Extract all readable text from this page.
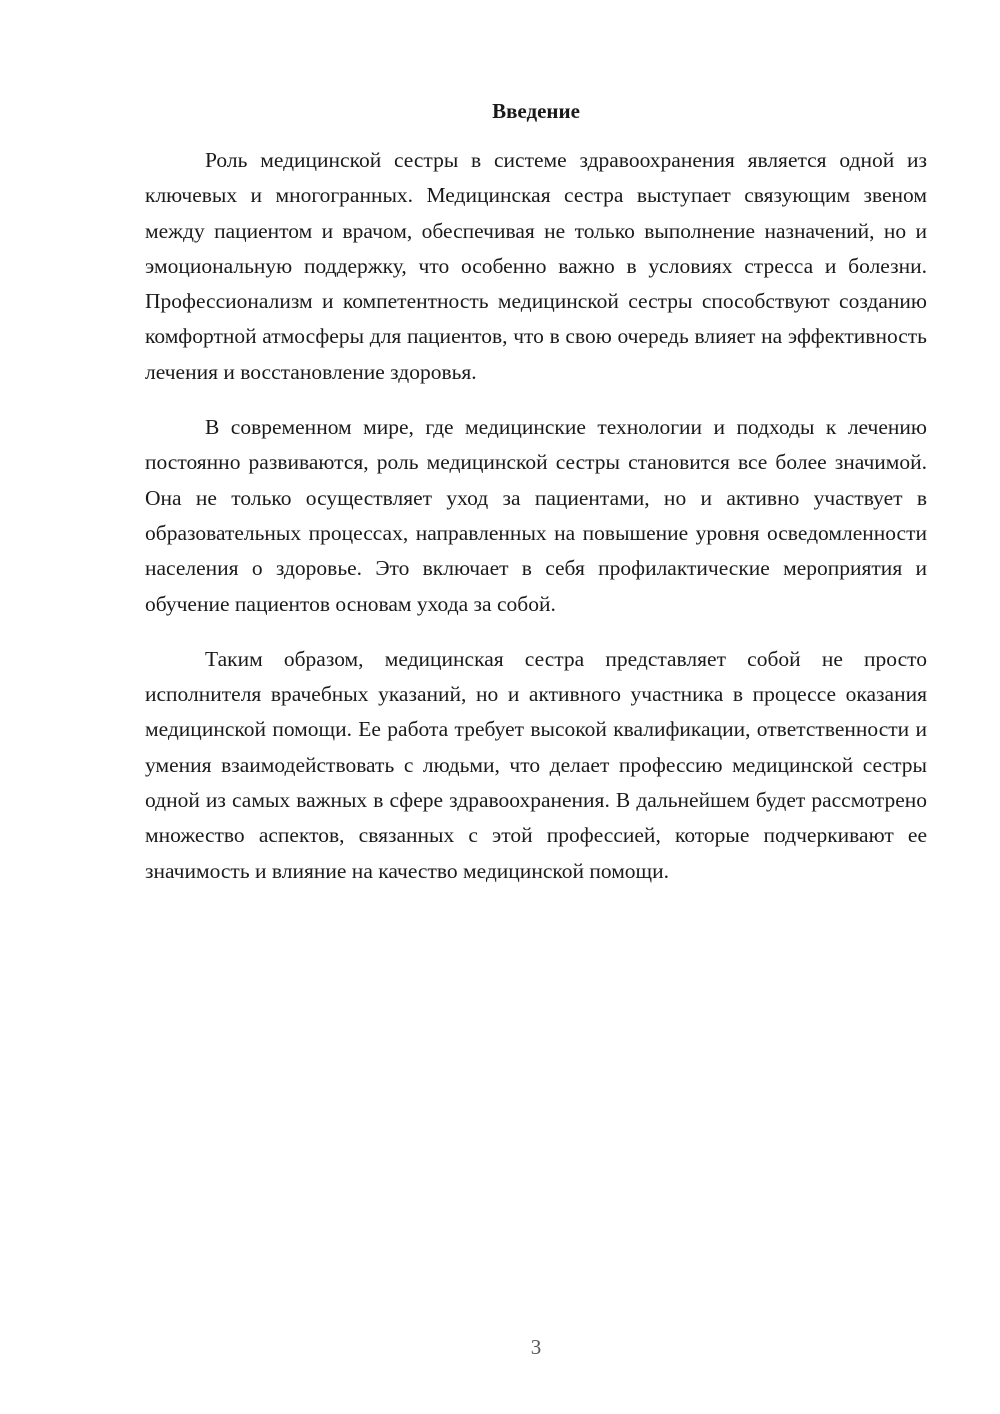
Введение

Роль медицинской сестры в системе здравоохранения является одной из ключевых и многогранных. Медицинская сестра выступает связующим звеном между пациентом и врачом, обеспечивая не только выполнение назначений, но и эмоциональную поддержку, что особенно важно в условиях стресса и болезни. Профессионализм и компетентность медицинской сестры способствуют созданию комфортной атмосферы для пациентов, что в свою очередь влияет на эффективность лечения и восстановление здоровья.

В современном мире, где медицинские технологии и подходы к лечению постоянно развиваются, роль медицинской сестры становится все более значимой. Она не только осуществляет уход за пациентами, но и активно участвует в образовательных процессах, направленных на повышение уровня осведомленности населения о здоровье. Это включает в себя профилактические мероприятия и обучение пациентов основам ухода за собой.

Таким образом, медицинская сестра представляет собой не просто исполнителя врачебных указаний, но и активного участника в процессе оказания медицинской помощи. Ее работа требует высокой квалификации, ответственности и умения взаимодействовать с людьми, что делает профессию медицинской сестры одной из самых важных в сфере здравоохранения. В дальнейшем будет рассмотрено множество аспектов, связанных с этой профессией, которые подчеркивают ее значимость и влияние на качество медицинской помощи.

3
